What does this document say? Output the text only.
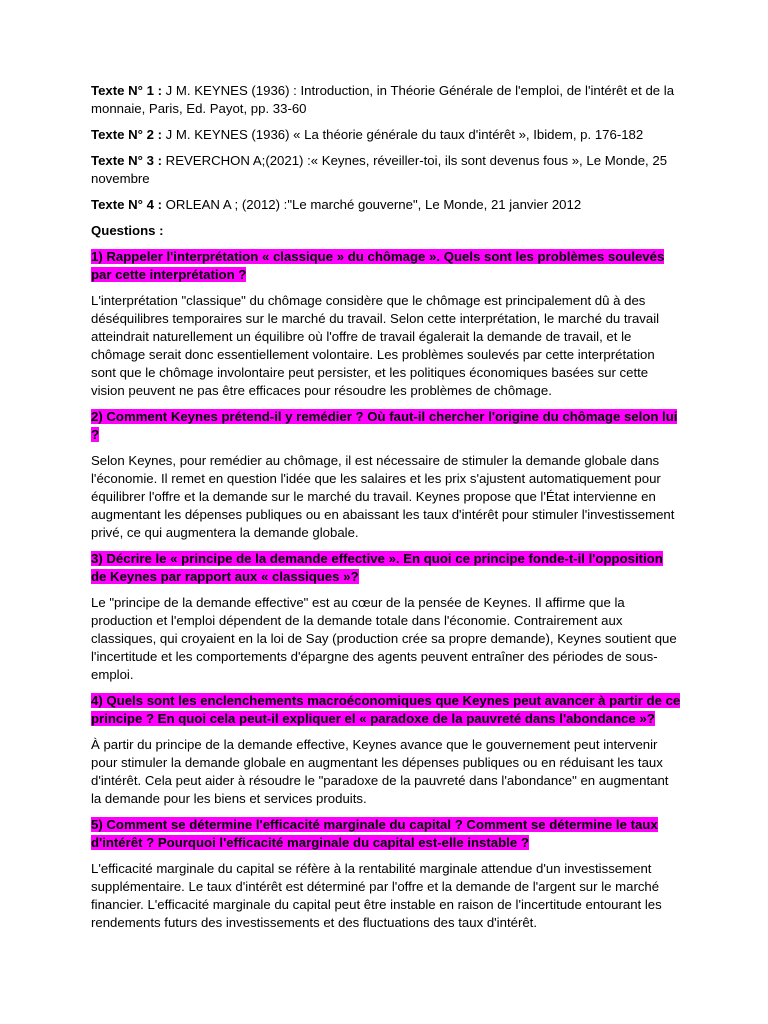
Texte N° 1 : J M. KEYNES (1936) : Introduction, in Théorie Générale de l'emploi, de l'intérêt et de la monnaie, Paris, Ed. Payot, pp. 33-60

Texte N° 2 : J M. KEYNES (1936) « La théorie générale du taux d'intérêt », Ibidem, p. 176-182

Texte N° 3 : REVERCHON A;(2021) :« Keynes, réveiller-toi, ils sont devenus fous », Le Monde, 25 novembre

Texte N° 4 : ORLEAN A ; (2012) :"Le marché gouverne", Le Monde, 21 janvier 2012

Questions :

1) Rappeler l'interprétation « classique » du chômage ». Quels sont les problèmes soulevés par cette interprétation ?

L'interprétation "classique" du chômage considère que le chômage est principalement dû à des déséquilibres temporaires sur le marché du travail. Selon cette interprétation, le marché du travail atteindrait naturellement un équilibre où l'offre de travail égalerait la demande de travail, et le chômage serait donc essentiellement volontaire. Les problèmes soulevés par cette interprétation sont que le chômage involontaire peut persister, et les politiques économiques basées sur cette vision peuvent ne pas être efficaces pour résoudre les problèmes de chômage.

2) Comment Keynes prétend-il y remédier ? Où faut-il chercher l'origine du chômage selon lui ?

Selon Keynes, pour remédier au chômage, il est nécessaire de stimuler la demande globale dans l'économie. Il remet en question l'idée que les salaires et les prix s'ajustent automatiquement pour équilibrer l'offre et la demande sur le marché du travail. Keynes propose que l'État intervienne en augmentant les dépenses publiques ou en abaissant les taux d'intérêt pour stimuler l'investissement privé, ce qui augmentera la demande globale.

3) Décrire le « principe de la demande effective ». En quoi ce principe fonde-t-il l'opposition de Keynes par rapport aux « classiques »?

Le "principe de la demande effective" est au cœur de la pensée de Keynes. Il affirme que la production et l'emploi dépendent de la demande totale dans l'économie. Contrairement aux classiques, qui croyaient en la loi de Say (production crée sa propre demande), Keynes soutient que l'incertitude et les comportements d'épargne des agents peuvent entraîner des périodes de sous-emploi.

4) Quels sont les enclenchements macroéconomiques que Keynes peut avancer à partir de ce principe ? En quoi cela peut-il expliquer el « paradoxe de la pauvreté dans l'abondance »?

À partir du principe de la demande effective, Keynes avance que le gouvernement peut intervenir pour stimuler la demande globale en augmentant les dépenses publiques ou en réduisant les taux d'intérêt. Cela peut aider à résoudre le "paradoxe de la pauvreté dans l'abondance" en augmentant la demande pour les biens et services produits.

5) Comment se détermine l'efficacité marginale du capital ? Comment se détermine le taux d'intérêt ? Pourquoi l'efficacité marginale du capital est-elle instable ?

L'efficacité marginale du capital se réfère à la rentabilité marginale attendue d'un investissement supplémentaire. Le taux d'intérêt est déterminé par l'offre et la demande de l'argent sur le marché financier. L'efficacité marginale du capital peut être instable en raison de l'incertitude entourant les rendements futurs des investissements et des fluctuations des taux d'intérêt.
